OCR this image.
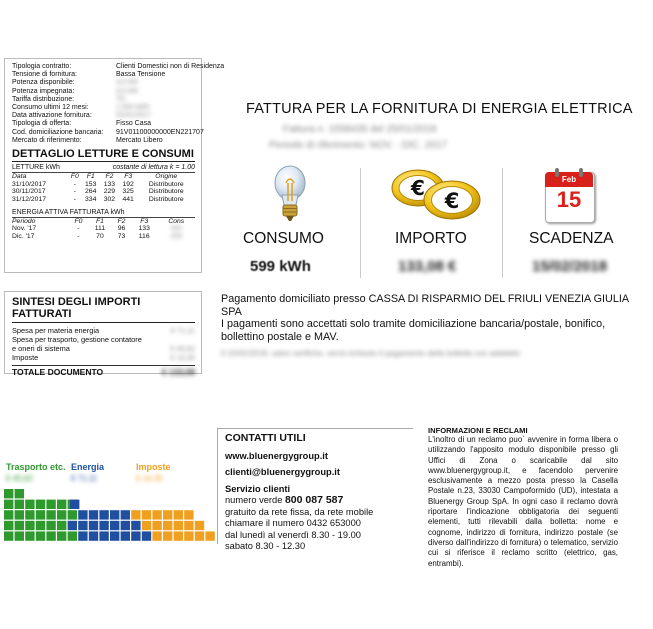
Tipologia contratto:	Clienti Domestici non di Residenza
Tensione di fornitura:	Bassa Tensione
Potenza disponibile:	3,0 kW
Potenza impegnata:	3,0 kW
Tariffa distribuzione:	TD
Consumo ultimi 12 mesi:	1.934 kWh
Data attivazione fornitura:	01/01/2017
Tipologia di offerta:	Fisso Casa
Cod. domiciliazione bancaria:	91V01100000000EN221707
Mercato di riferimento:	Mercato Libero
DETTAGLIO LETTURE E CONSUMI
LETTURE kWh	costante di lettura k = 1.00
Data	F0	F1	F2	F3	Origine
31/10/2017	-	153	133	192	Distributore
30/11/2017	-	264	229	325	Distributore
31/12/2017	-	334	302	441	Distributore
ENERGIA ATTIVA FATTURATA kWh
Periodo	F0	F1	F2	F3	Cons
Nov. '17	-	111	96	133	340
Dic. '17	-	70	73	116	259
SINTESI DEGLI IMPORTI FATTURATI
Spesa per materia energia	€ 71,11
Spesa per trasporto, gestione contatore
e oneri di sistema	€ 45,62
Imposte	€ 16,35
TOTALE DOCUMENTO	€ 133,08
FATTURA PER LA FORNITURA DI ENERGIA ELETTRICA
Fattura n. 1558435 del 25/01/2018
Periodo di riferimento: NOV. - DIC. 2017
€
€
Feb
15
CONSUMO	IMPORTO	SCADENZA
599 kWh	133,08 €	15/02/2018
Pagamento domiciliato presso CASSA DI RISPARMIO DEL FRIULI VENEZIA GIULIA SPA
I pagamenti sono accettati solo tramite domiciliazione bancaria/postale, bonifico, bollettino postale e MAV.
Il 15/02/2018, salvo verifiche, verrà richiesto il pagamento della bolletta con addebito
Trasporto etc. Energia	Imposte
€ 45,62	€ 71,11	€ 16,35
CONTATTI UTILI
www.bluenergygroup.it
clienti@bluenergygroup.it
Servizio clienti
numero verde 800 087 587
gratuito da rete fissa, da rete mobile
chiamare il numero 0432 653000
dal lunedì al venerdì 8.30 - 19.00
sabato 8.30 - 12.30
INFORMAZIONI E RECLAMI
L'inoltro di un reclamo puo` avvenire in forma libera o utilizzando l'apposito modulo disponibile presso gli Uffici di Zona o scaricabile dal sito www.bluenergygroup.it, e facendolo pervenire esclusivamente a mezzo posta presso la Casella Postale n.23, 33030 Campoformido (UD), intestata a Bluenergy Group SpA. In ogni caso il reclamo dovrà riportare l'indicazione obbligatoria dei seguenti elementi, tutti rilevabili dalla bolletta: nome e cognome, indirizzo di fornitura, indirizzo postale (se diverso dall'indirizzo di fornitura) o telematico, servizio cui si riferisce il reclamo scritto (elettrico, gas, entrambi).
